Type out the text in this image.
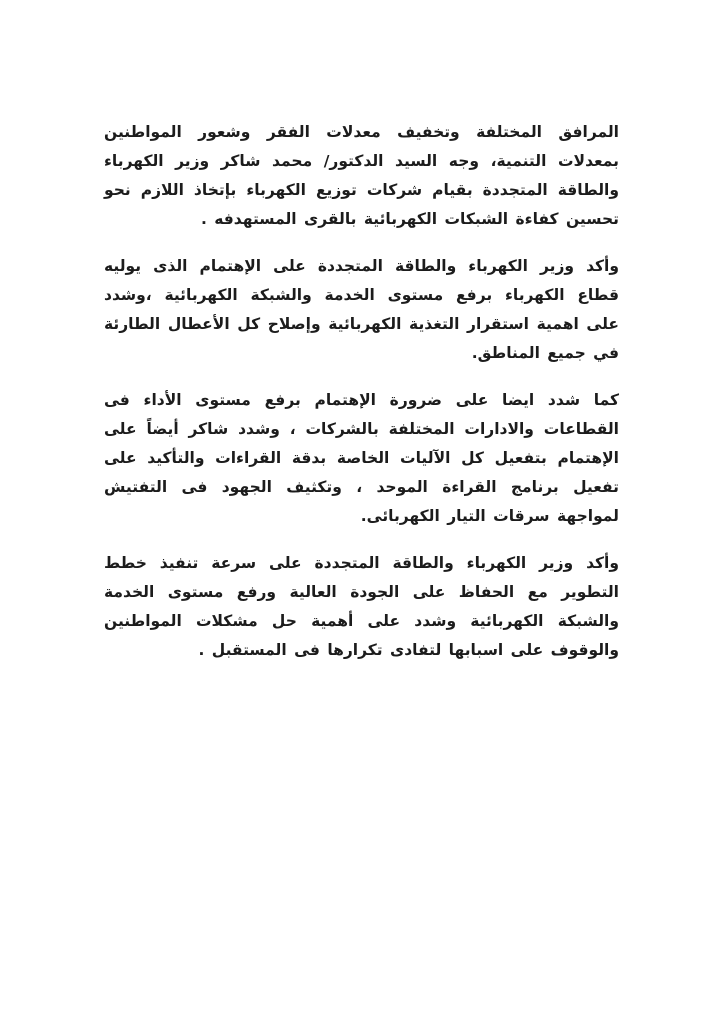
المرافق المختلفة وتخفيف معدلات الفقر وشعور المواطنين بمعدلات التنمية، وجه السيد الدكتور/ محمد شاكر وزير الكهرباء والطاقة المتجددة بقيام شركات توزيع الكهرباء بإتخاذ اللازم نحو تحسين كفاءة الشبكات الكهربائية بالقرى المستهدفه .

وأكد وزير الكهرباء والطاقة المتجددة على الإهتمام الذى يوليه قطاع الكهرباء برفع مستوى الخدمة والشبكة الكهربائية ،وشدد على اهمية استقرار التغذية الكهربائية وإصلاح كل الأعطال الطارئة في جميع المناطق.

كما شدد ايضا على ضرورة الإهتمام برفع مستوى الأداء فى القطاعات والادارات المختلفة بالشركات ، وشدد شاكر أيضاً على الإهتمام بتفعيل كل الآليات الخاصة بدقة القراءات والتأكيد على تفعيل برنامج القراءة الموحد ، وتكثيف الجهود فى التفتيش لمواجهة سرقات التيار الكهربائى.

وأكد وزير الكهرباء والطاقة المتجددة على سرعة تنفيذ خطط التطوير مع الحفاظ على الجودة العالية ورفع مستوى الخدمة والشبكة الكهربائية وشدد على أهمية حل مشكلات المواطنين والوقوف على اسبابها لتفادى تكرارها فى المستقبل .
